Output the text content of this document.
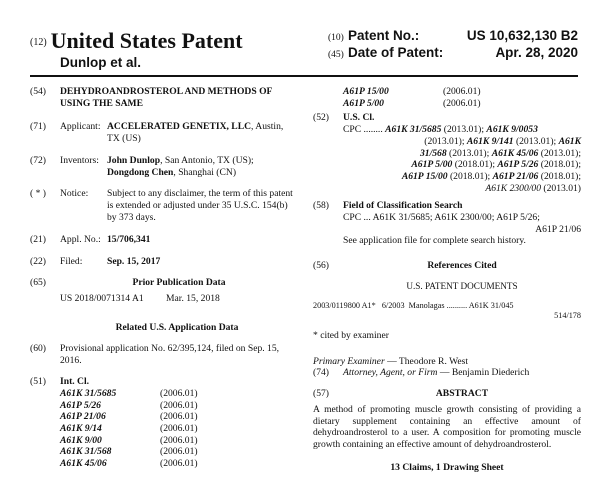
(12) United States Patent
Dunlop et al.
(10) Patent No.:	US 10,632,130 B2
(45) Date of Patent:	Apr. 28, 2020
(54)	DEHYDROANDROSTEROL AND METHODS OF USING THE SAME
(71)	Applicant: ACCELERATED GENETIX, LLC, Austin, TX (US)
(72)	Inventors: John Dunlop, San Antonio, TX (US); Dongdong Chen, Shanghai (CN)
( * )	Notice:	Subject to any disclaimer, the term of this patent is extended or adjusted under 35 U.S.C. 154(b) by 373 days.
(21)	Appl. No.: 15/706,341
(22)	Filed:	Sep. 15, 2017
(65)	Prior Publication Data
US 2018/0071314 A1 Mar. 15, 2018
Related U.S. Application Data
(60)	Provisional application No. 62/395,124, filed on Sep. 15, 2016.
(51)	Int. Cl.
A61K 31/5685	(2006.01)
A61P 5/26	(2006.01)
A61P 21/06	(2006.01)
A61K 9/14	(2006.01)
A61K 9/00	(2006.01)
A61K 31/568	(2006.01)
A61K 45/06	(2006.01)
A61P 15/00	(2006.01)
A61P 5/00	(2006.01)
(52)	U.S. Cl.
CPC ........ A61K 31/5685 (2013.01); A61K 9/0053
(2013.01); A61K 9/141 (2013.01); A61K
31/568 (2013.01); A61K 45/06 (2013.01);
A61P 5/00 (2018.01); A61P 5/26 (2018.01);
A61P 15/00 (2018.01); A61P 21/06 (2018.01);
A61K 2300/00 (2013.01)
(58)	Field of Classification Search
CPC ... A61K 31/5685; A61K 2300/00; A61P 5/26;
A61P 21/06
See application file for complete search history.
(56)	References Cited
U.S. PATENT DOCUMENTS
2003/0119800 A1*   6/2003  Manolagas .......... A61K 31/045
514/178
* cited by examiner
Primary Examiner — Theodore R. West
(74)	Attorney, Agent, or Firm — Benjamin Diederich
(57)	ABSTRACT
A method of promoting muscle growth consisting of providing a dietary supplement containing an effective amount of dehydroandrosterol to a user. A composition for promoting muscle growth containing an effective amount of dehydroandrosterol.
13 Claims, 1 Drawing Sheet
